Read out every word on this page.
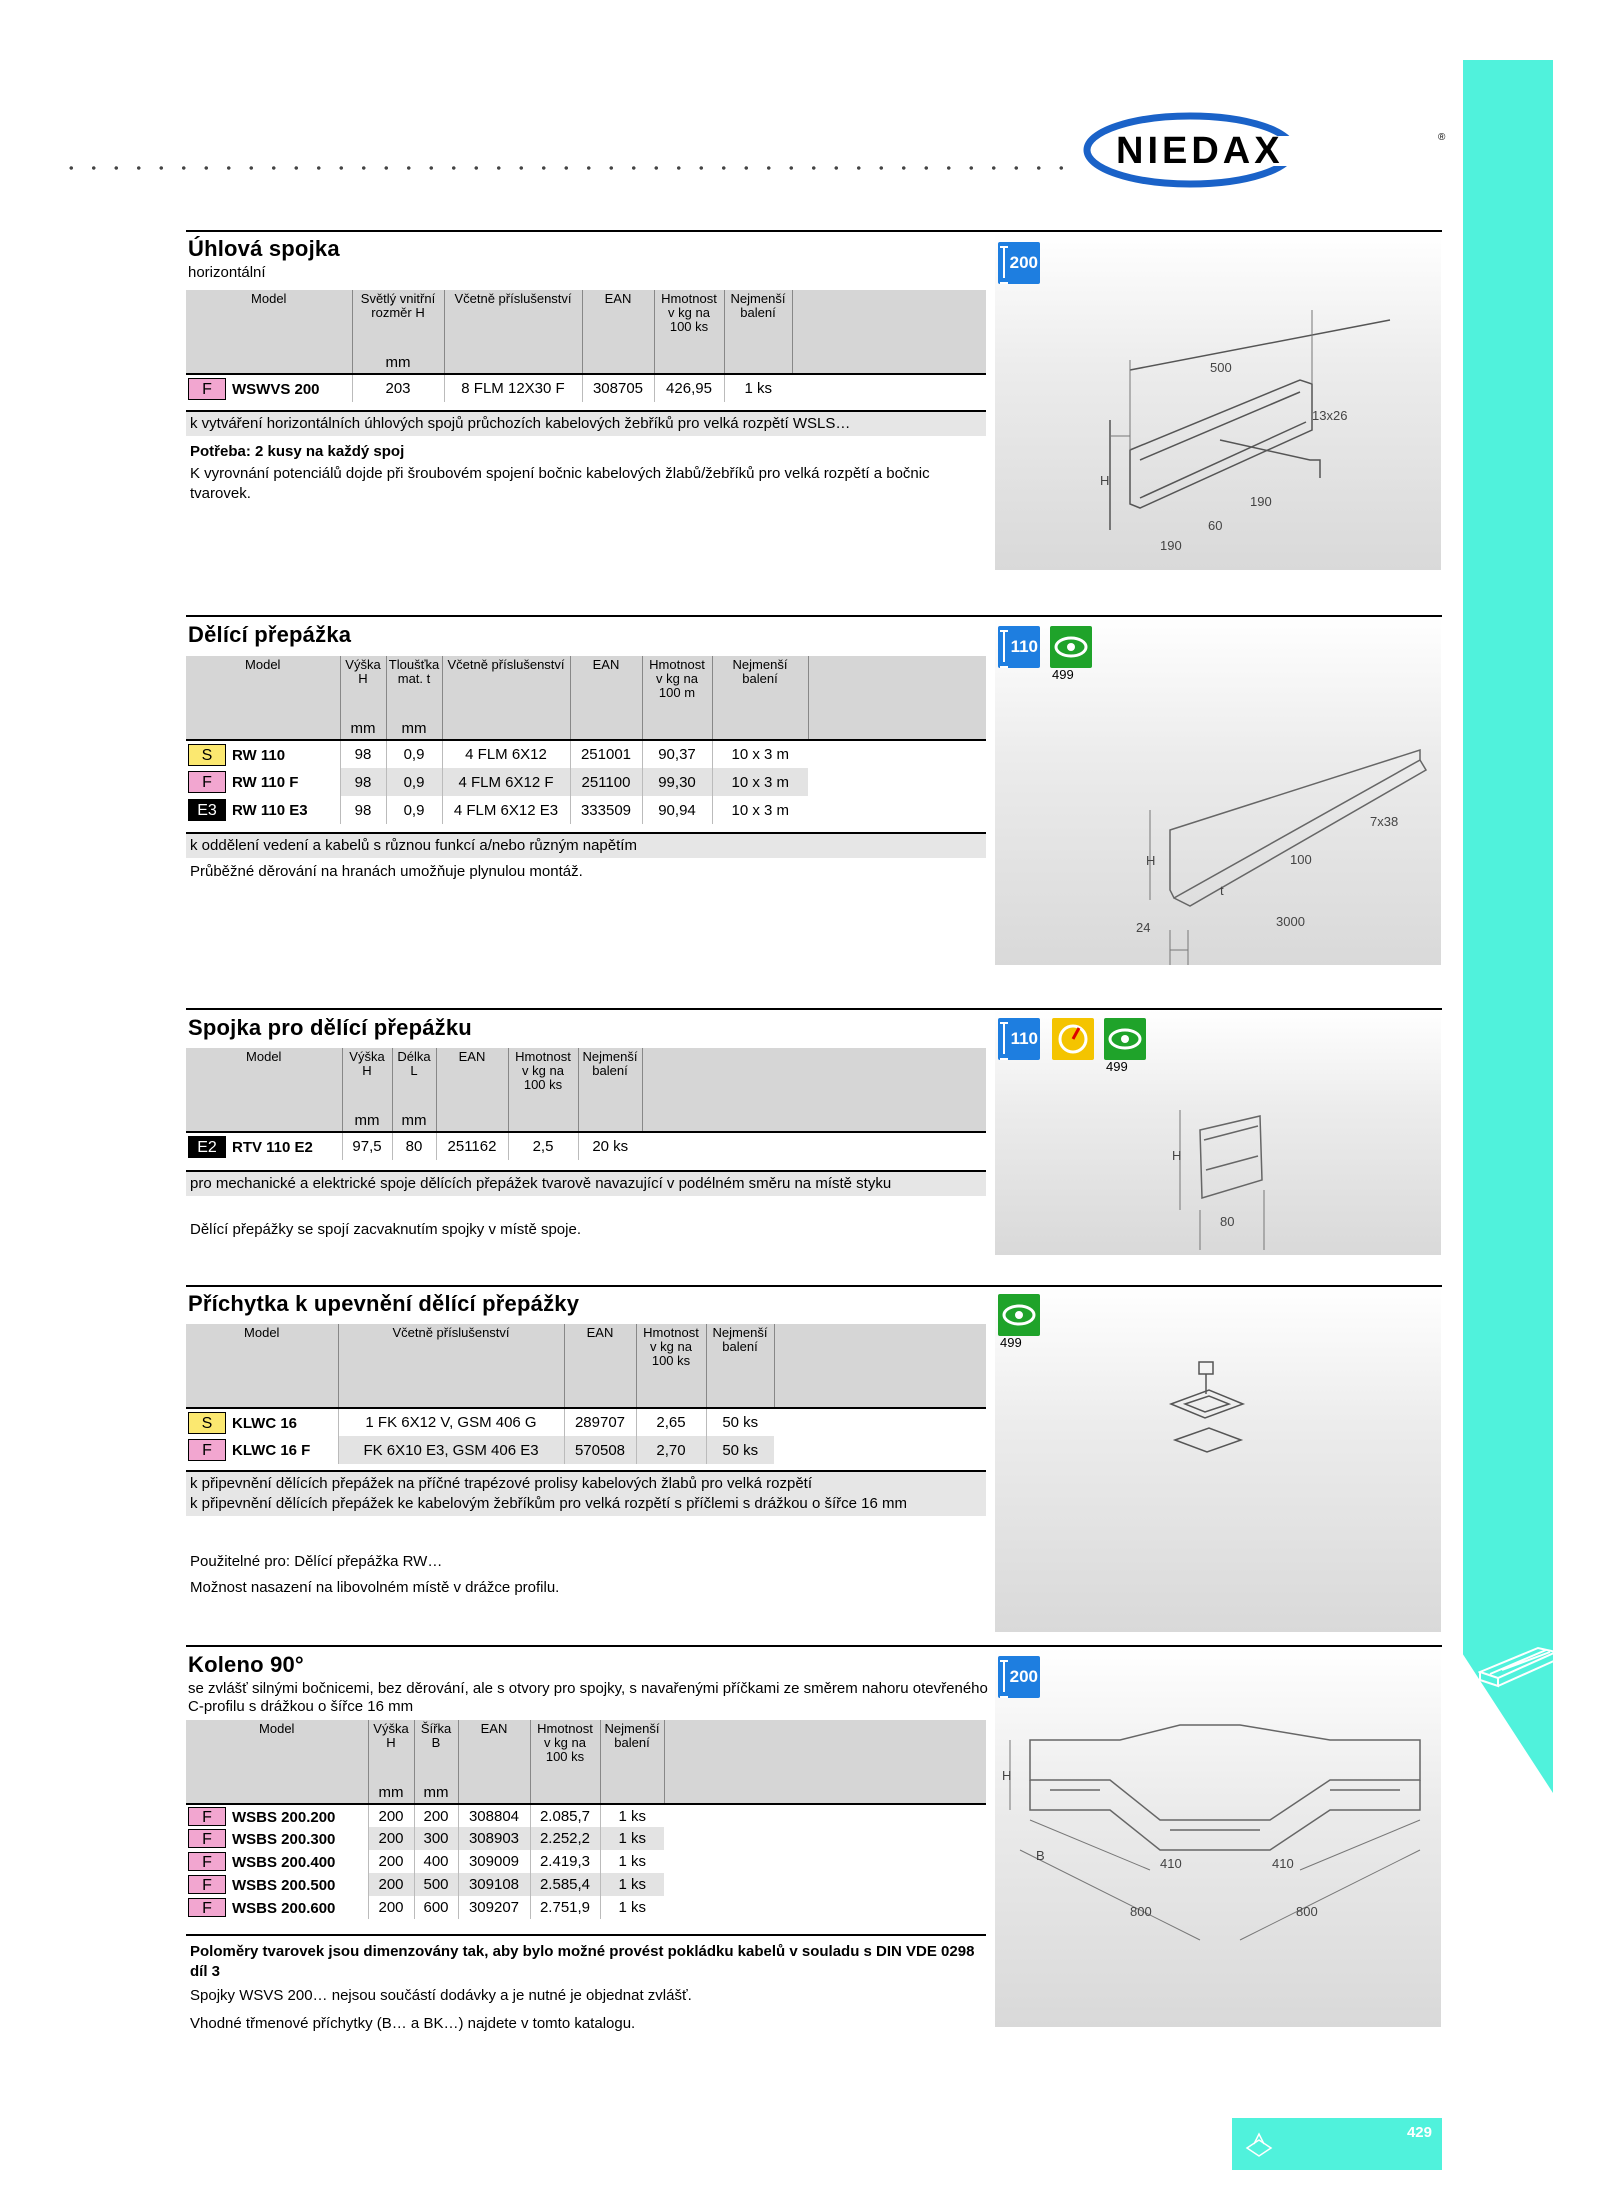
NIEDAX	®
200
500
13x26
H
190
60
190
Úhlová spojka
horizontální
Model	Světlý vnitřní rozměr H	Včetně příslušenství	EAN	Hmotnost v kg na 100 ks	Nejmenší balení	
	mm					
F WSWVS 200	203	8 FLM 12X30 F	308705	426,95	1 ks	
k vytváření horizontálních úhlových spojů průchozích kabelových žebříků pro velká rozpětí WSLS…
Potřeba: 2 kusy na každý spoj
K vyrovnání potenciálů dojde při šroubovém spojení bočnic kabelových žlabů/žebříků pro velká rozpětí a bočnic tvarovek.
110
499
7x38
H	100
t
24	3000
Dělící přepážka
Model	Výška H	Tloušťka mat. t	Včetně příslušenství	EAN	Hmotnost v kg na 100 m	Nejmenší balení	
	mm	mm					
S RW 110	98	0,9	4 FLM 6X12	251001	90,37	10 x 3 m	
F RW 110 F	98	0,9	4 FLM 6X12 F	251100	99,30	10 x 3 m	
E3 RW 110 E3	98	0,9	4 FLM 6X12 E3	333509	90,94	10 x 3 m	
k oddělení vedení a kabelů s různou funkcí a/nebo různým napětím
Průběžné děrování na hranách umožňuje plynulou montáž.
110
499
H
80
Spojka pro dělící přepážku
Model	Výška H	Délka L	EAN	Hmotnost v kg na 100 ks	Nejmenší balení	
	mm	mm				
E2 RTV 110 E2	97,5	80	251162	2,5	20 ks	
pro mechanické a elektrické spoje dělících přepážek tvarově navazující v podélném směru na místě styku
Dělící přepážky se spojí zacvaknutím spojky v místě spoje.
499
Příchytka k upevnění dělící přepážky
Model	Včetně příslušenství	EAN	Hmotnost v kg na 100 ks	Nejmenší balení	
S KLWC 16	1 FK 6X12 V, GSM 406 G	289707	2,65	50 ks	
F KLWC 16 F	FK 6X10 E3, GSM 406 E3	570508	2,70	50 ks	
k připevnění dělících přepážek na příčné trapézové prolisy kabelových žlabů pro velká rozpětí
k připevnění dělících přepážek ke kabelovým žebříkům pro velká rozpětí s příčlemi s drážkou o šířce 16 mm
Použitelné pro: Dělící přepážka RW…
Možnost nasazení na libovolném místě v drážce profilu.
200
H
B
410	410
800	800
Koleno 90°
se zvlášť silnými bočnicemi, bez děrování, ale s otvory pro spojky, s navařenými příčkami ze směrem nahoru otevřeného C-profilu s drážkou o šířce 16 mm
Model	Výška H	Šířka B	EAN	Hmotnost v kg na 100 ks	Nejmenší balení	
	mm	mm				
F WSBS 200.200	200	200	308804	2.085,7	1 ks	
F WSBS 200.300	200	300	308903	2.252,2	1 ks	
F WSBS 200.400	200	400	309009	2.419,3	1 ks	
F WSBS 200.500	200	500	309108	2.585,4	1 ks	
F WSBS 200.600	200	600	309207	2.751,9	1 ks	
Poloměry tvarovek jsou dimenzovány tak, aby bylo možné provést pokládku kabelů v souladu s DIN VDE 0298 díl 3
Spojky WSVS 200… nejsou součástí dodávky a je nutné je objednat zvlášť.
Vhodné třmenové příchytky (B… a BK…) najdete v tomto katalogu.
429
